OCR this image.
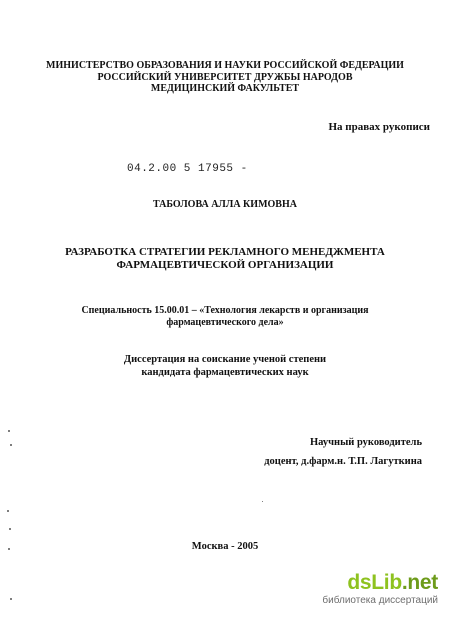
МИНИСТЕРСТВО ОБРАЗОВАНИЯ И НАУКИ РОССИЙСКОЙ ФЕДЕРАЦИИ
РОССИЙСКИЙ УНИВЕРСИТЕТ ДРУЖБЫ НАРОДОВ
МЕДИЦИНСКИЙ ФАКУЛЬТЕТ
На правах рукописи
04.2.00 5 17955 -
ТАБОЛОВА АЛЛА КИМОВНА
РАЗРАБОТКА СТРАТЕГИИ РЕКЛАМНОГО МЕНЕДЖМЕНТА
ФАРМАЦЕВТИЧЕСКОЙ ОРГАНИЗАЦИИ
Специальность 15.00.01 – «Технология лекарств и организация
фармацевтического дела»
Диссертация на соискание ученой степени
кандидата фармацевтических наук
Научный руководитель
доцент, д.фарм.н. Т.П. Лагуткина
Москва - 2005
dsLib.net
библиотека диссертаций
